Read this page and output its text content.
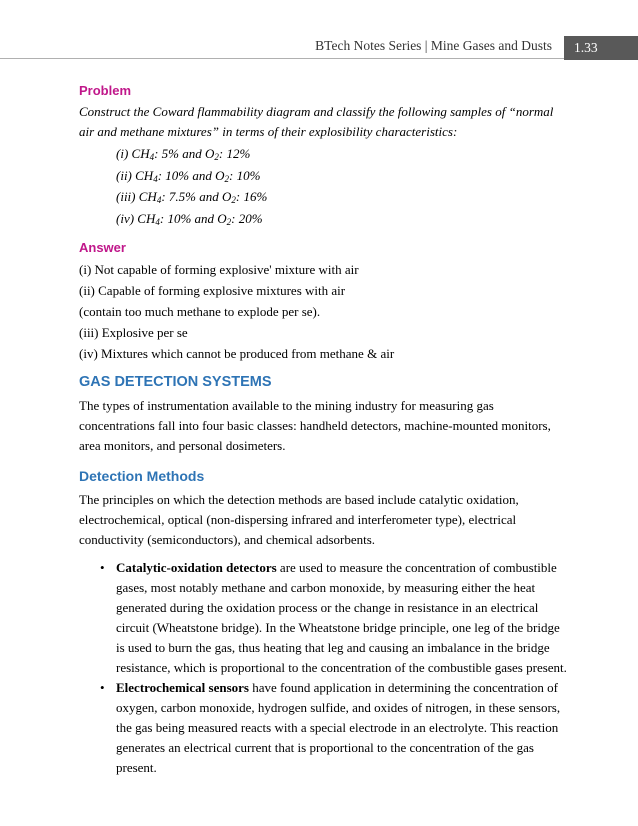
BTech Notes Series | Mine Gases and Dusts	1.33
Problem

Construct the Coward flammability diagram and classify the following samples of “normal air and methane mixtures” in terms of their explosibility characteristics:

(i) $CH_4$: 5% and $O_2$: 12%
(ii) $CH_4$: 10% and $O_2$: 10%
(iii) $CH_4$: 7.5% and $O_2$: 16%
(iv) $CH_4$: 10% and $O_2$: 20%
Answer
(i) Not capable of forming explosive' mixture with air
(ii) Capable of forming explosive mixtures with air
(contain too much methane to explode per se).
(iii) Explosive per se
(iv) Mixtures which cannot be produced from methane & air
GAS DETECTION SYSTEMS

The types of instrumentation available to the mining industry for measuring gas concentrations fall into four basic classes: handheld detectors, machine-mounted monitors, area monitors, and personal dosimeters.

Detection Methods

The principles on which the detection methods are based include catalytic oxidation, electrochemical, optical (non-dispersing infrared and interferometer type), electrical conductivity (semiconductors), and chemical adsorbents.

• Catalytic-oxidation detectors are used to measure the concentration of combustible gases, most notably methane and carbon monoxide, by measuring either the heat generated during the oxidation process or the change in resistance in an electrical circuit (Wheatstone bridge). In the Wheatstone bridge principle, one leg of the bridge is used to burn the gas, thus heating that leg and causing an imbalance in the bridge resistance, which is proportional to the concentration of the combustible gases present.
• Electrochemical sensors have found application in determining the concentration of oxygen, carbon monoxide, hydrogen sulfide, and oxides of nitrogen, in these sensors, the gas being measured reacts with a special electrode in an electrolyte. This reaction generates an electrical current that is proportional to the concentration of the gas present.
